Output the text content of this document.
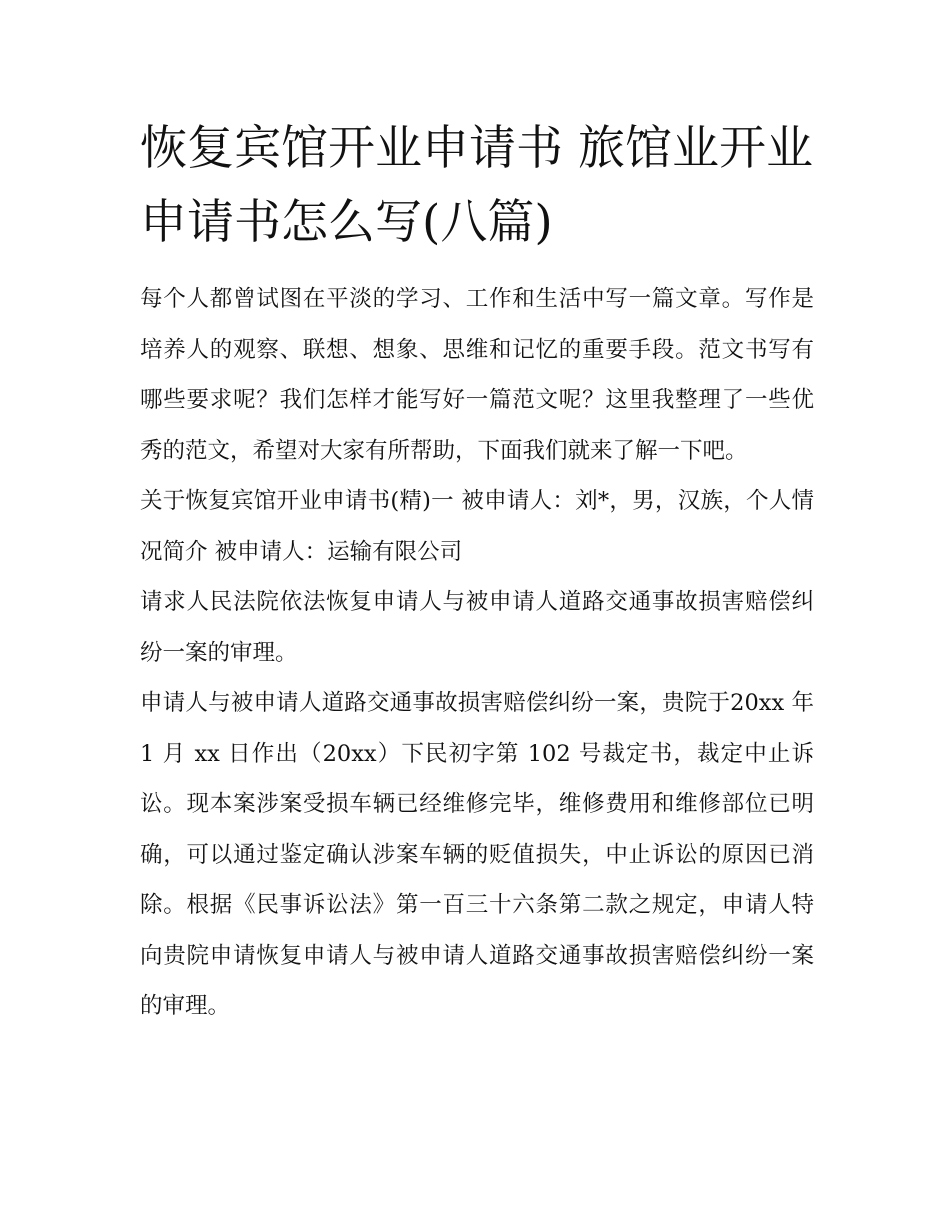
恢复宾馆开业申请书 旅馆业开业申请书怎么写(八篇)

每个人都曾试图在平淡的学习、工作和生活中写一篇文章。写作是培养人的观察、联想、想象、思维和记忆的重要手段。范文书写有哪些要求呢？我们怎样才能写好一篇范文呢？这里我整理了一些优秀的范文，希望对大家有所帮助，下面我们就来了解一下吧。

关于恢复宾馆开业申请书(精)一 被申请人：刘*，男，汉族，个人情况简介 被申请人：运输有限公司

请求人民法院依法恢复申请人与被申请人道路交通事故损害赔偿纠纷一案的审理。

申请人与被申请人道路交通事故损害赔偿纠纷一案，贵院于20xx 年 1 月 xx 日作出（20xx）下民初字第 102 号裁定书，裁定中止诉讼。现本案涉案受损车辆已经维修完毕，维修费用和维修部位已明确，可以通过鉴定确认涉案车辆的贬值损失，中止诉讼的原因已消除。根据《民事诉讼法》第一百三十六条第二款之规定，申请人特向贵院申请恢复申请人与被申请人道路交通事故损害赔偿纠纷一案的审理。
